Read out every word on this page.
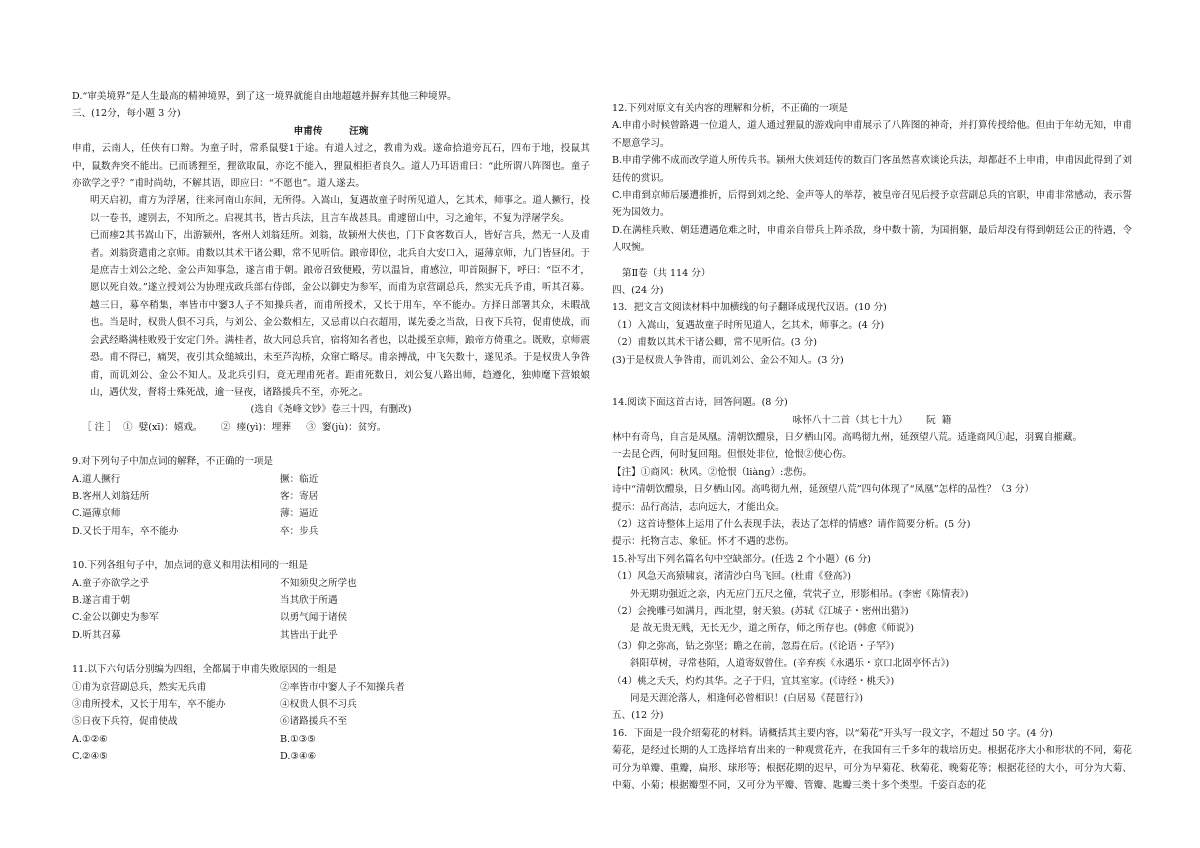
D.“审美境界”是人生最高的精神境界，到了这一境界就能自由地超越并摒弃其他三种境界。
三、(12分，每小题 3 分)
申甫传        汪琬
申甫，云南人，任侠有口辩。为童子时，常系鼠嬖1于途。有道人过之，教甫为戏。遂命拾道旁瓦石，四布于地，投鼠其中，鼠数奔突不能出。已而诱狸至，狸欲取鼠，亦讫不能入，狸鼠相拒者良久。道人乃耳语甫曰：“此所谓八阵图也。童子亦欲学之乎？”甫时尚幼，不解其语，即应曰：“不愿也”。道人遂去。
明天启初，甫方为浮屠，往来河南山东间，无所得。入嵩山，复遇故童子时所见道人，乞其术，师事之。道人撅行，投以一卷书，遽别去，不知所之。启视其书，皆古兵法，且言车战甚具。甫遽留山中，习之逾年，不复为浮屠学矣。
已而瘗2其书嵩山下，出游颍州，客州人刘翁廷所。刘翁，故颍州大侠也，门下食客数百人，皆好言兵，然无一人及甫者。刘翁资遣甫之京师。甫数以其术干诸公卿，常不见听信。踉帝即位，北兵自大安口入，逼薄京师，九门皆昼闭。于是庶吉士刘公之纶、金公声知事急，遂言甫于朝。踉帝召致便殿，劳以温旨，甫感泣，叩首陨摒下，呼曰：“臣不才，愿以死自效。”遂立授刘公为协理戎政兵部右侍郎，金公以御史为参军，而甫为京营副总兵，然实无兵予甫，听其召募。越三日，募卒稍集，率皆市中窭3人子不知操兵者，而甫所授术，又长于用车，卒不能办。方择日部署其众，未暇战也。当是时，权贵人俱不习兵，与刘公、金公数相左，又忌甫以白衣超用，谋先委之当敌，日夜下兵符，促甫使战，而会武经略满桂败殁于安定门外。满桂者，故大同总兵官，宿将知名者也，以赴援至京师，踉帝方倚重之。既败，京师震恐。甫不得已，痛哭，夜引其众缒城出，未至芦沟桥，众窜亡略尽。甫亲搏战，中飞矢数十，遂见杀。于是权贵人争咎甫，而讥刘公、金公不知人。及北兵引归，竟无理甫死者。距甫死数日，刘公复八路出师，趋遵化，独帅麾下营娘娘山，遇伏发，督将士殊死战，逾一昼夜，诸路援兵不至，亦死之。
(选自《尧峰文钞》卷三十四，有删改)
［ 注 ］  ①  嬖(xī)：嬉戏。      ②  瘗(yì)：埋葬     ③  窭(jù)：贫穷。
9.对下列句子中加点词的解释，不正确的一项是
A.道人撅行	撅：临近
B.客州人刘翁廷所	客：寄居
C.逼薄京师	薄：逼近
D.又长于用车，卒不能办	卒：步兵
10.下列各组句子中，加点词的意义和用法相同的一组是
A.童子亦欲学之乎	不知须臾之所学也
B.遂言甫于朝	当其欣于所遇
C.金公以御史为参军	以勇气闻于诸侯
D.听其召募	其皆出于此乎
11.以下六句话分别编为四组，全都属于申甫失败原因的一组是
①甫为京营副总兵，然实无兵甫	②率皆市中窭人子不知操兵者
③甫所授术，又长于用车，卒不能办	④权贵人俱不习兵
⑤日夜下兵符，促甫使战	⑥诸路援兵不至
A.①②⑥	B.①③⑤
C.②④⑤	D.③④⑥
12.下列对原文有关内容的理解和分析，不正确的一项是
A.申甫小时候曾路遇一位道人，道人通过狸鼠的游戏向申甫展示了八阵图的神奇，并打算传授给他。但由于年幼无知，申甫不愿意学习。
B.申甫学佛不成而改学道人所传兵书。颍州大侠刘廷传的数百门客虽然喜欢谈论兵法，却都赶不上申甫，申甫因此得到了刘廷传的赏识。
C.申甫到京师后屡遭推折，后得到刘之纶、金声等人的举荐，被皇帝召见后授予京营副总兵的官职，申甫非常感动，表示誓死为国效力。
D.在满桂兵败、朝廷遭遇危难之时，申甫亲自带兵上阵杀敌，身中数十箭，为国捐躯，最后却没有得到朝廷公正的待遇，令人叹惋。
第Ⅱ卷（共 114 分）
四、(24 分)
13．把文言文阅读材料中加横线的句子翻译成现代汉语。(10 分)
（1）入嵩山，复遇故童子时所见道人，乞其术，师事之。(4 分)
（2）甫数以其术干诸公卿，常不见听信。(3 分)
(3)于是权贵人争咎甫，而讥刘公、金公不知人。(3 分)
14.阅读下面这首古诗，回答问题。(8 分)
咏怀八十二首（其七十九）      阮  籍
林中有奇鸟，自言是凤凰。清朝饮醴泉，日夕栖山冈。高鸣彻九州，延颈望八荒。适逢商风①起，羽翼自摧藏。
一去昆仑西，何时复回翔。但恨处非位，怆恨②使心伤。
【注】①商风：秋风。②怆恨（liàng）:悲伤。
诗中“清朝饮醴泉，日夕栖山冈。高鸣彻九州，延颈望八荒”四句体现了“凤凰”怎样的品性？（3 分）
提示：品行高洁，志向远大，才能出众。
（2）这首诗整体上运用了什么表现手法，表达了怎样的情感？请作简要分析。(5 分)
提示：托物言志、象征。怀才不遇的悲伤。
15.补写出下列名篇名句中空缺部分。(任选 2 个小题）(6 分)
（1）风急天高猿啸哀，渚清沙白鸟飞回。(杜甫《登高》)
外无期功强近之亲，内无应门五尺之僮，茕茕孑立，形影相吊。(李密《陈情表》)
（2）会挽雕弓如满月，西北望，射天狼。(苏轼《江城子・密州出猎》)
是 故无贵无贱，无长无少，道之所存，师之所存也。(韩愈《师说》)
（3）仰之弥高，钻之弥坚；瞻之在前，忽焉在后。(《论语・子罕》)
斜阳草树，寻常巷陌，人道寄奴曾住。(辛弃疾《永遇乐・京口北固亭怀古》)
（4）桃之夭夭，灼灼其华。之子于归，宜其室家。(《诗经・桃夭》)
同是天涯沦落人，相逢何必曾相识！(白居易《琵琶行》)
五、(12 分)
16．下面是一段介绍菊花的材料。请概括其主要内容，以“菊花”开头写一段文字，不超过 50 字。(4 分)
菊花，是经过长期的人工选择培育出来的一种观赏花卉，在我国有三千多年的栽培历史。根据花序大小和形状的不同，菊花可分为单瓣、重瓣，扁形、球形等；根据花期的迟早，可分为早菊花、秋菊花、晚菊花等；根据花径的大小，可分为大菊、中菊、小菊；根据瓣型不同，又可分为平瓣、管瓣、匙瓣三类十多个类型。千姿百态的花
